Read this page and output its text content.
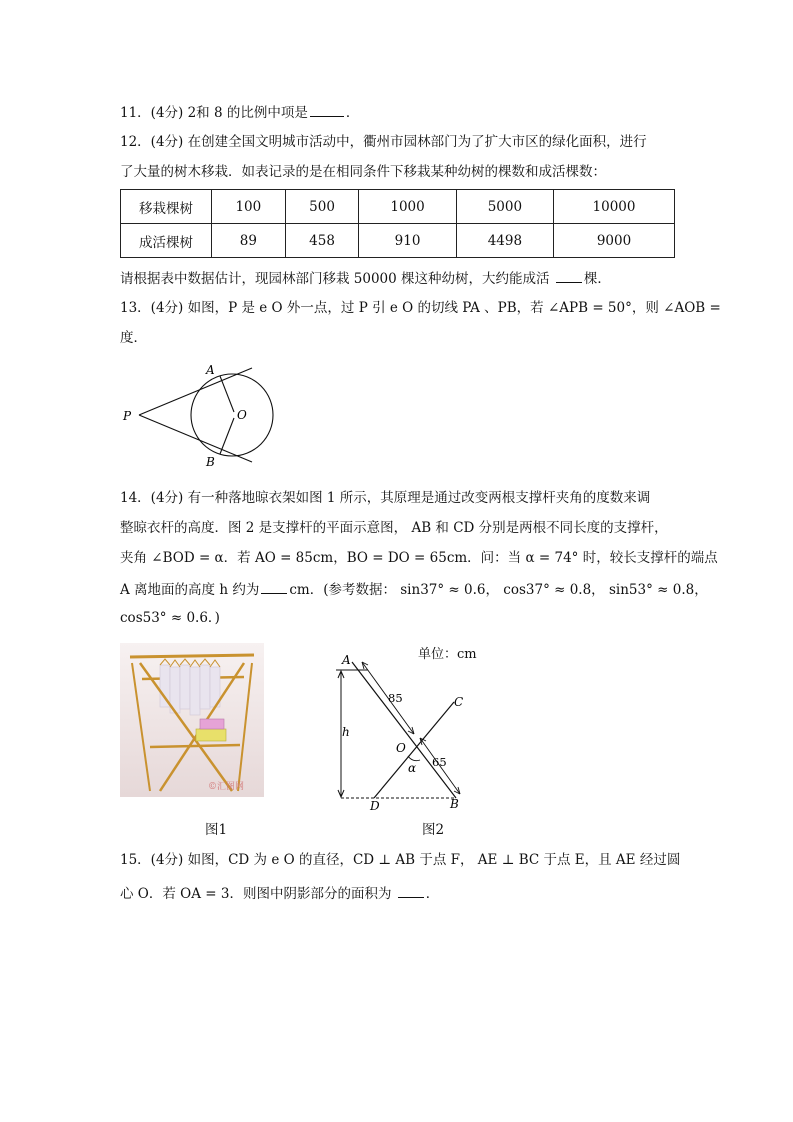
11．(4分) 2和 8 的比例中项是	．
12．(4分) 在创建全国文明城市活动中，衢州市园林部门为了扩大市区的绿化面积，进行
了大量的树木移栽．如表记录的是在相同条件下移栽某种幼树的棵数和成活棵数：
移栽棵树	100	500	1000	5000	10000
成活棵树	89	458	910	4498	9000
请根据表中数据估计，现园林部门移栽 50000 棵这种幼树，大约能成活	棵．
13．(4分) 如图，P 是 e O 外一点，过 P 引 e O 的切线 PA 、PB，若 ∠APB = 50°，则 ∠AOB =
度．
A
B
O
P
14．(4分) 有一种落地晾衣架如图 1 所示，其原理是通过改变两根支撑杆夹角的度数来调
整晾衣杆的高度．图 2 是支撑杆的平面示意图， AB 和 CD 分别是两根不同长度的支撑杆，
夹角 ∠BOD = α．若 AO = 85cm，BO = DO = 65cm．问：当 α = 74° 时，较长支撑杆的端点
A 离地面的高度 h 约为 cm．(参考数据： sin37° ≈ 0.6， cos37° ≈ 0.8， sin53° ≈ 0.8，
cos53° ≈ 0.6．)
©汇图网
图1
单位：cm
A
C
O
D	B
h
α
85
65
图2
15．(4分) 如图，CD 为 e O 的直径，CD ⊥ AB 于点 F， AE ⊥ BC 于点 E，且 AE 经过圆
心 O．若 OA = 3．则图中阴影部分的面积为	．
